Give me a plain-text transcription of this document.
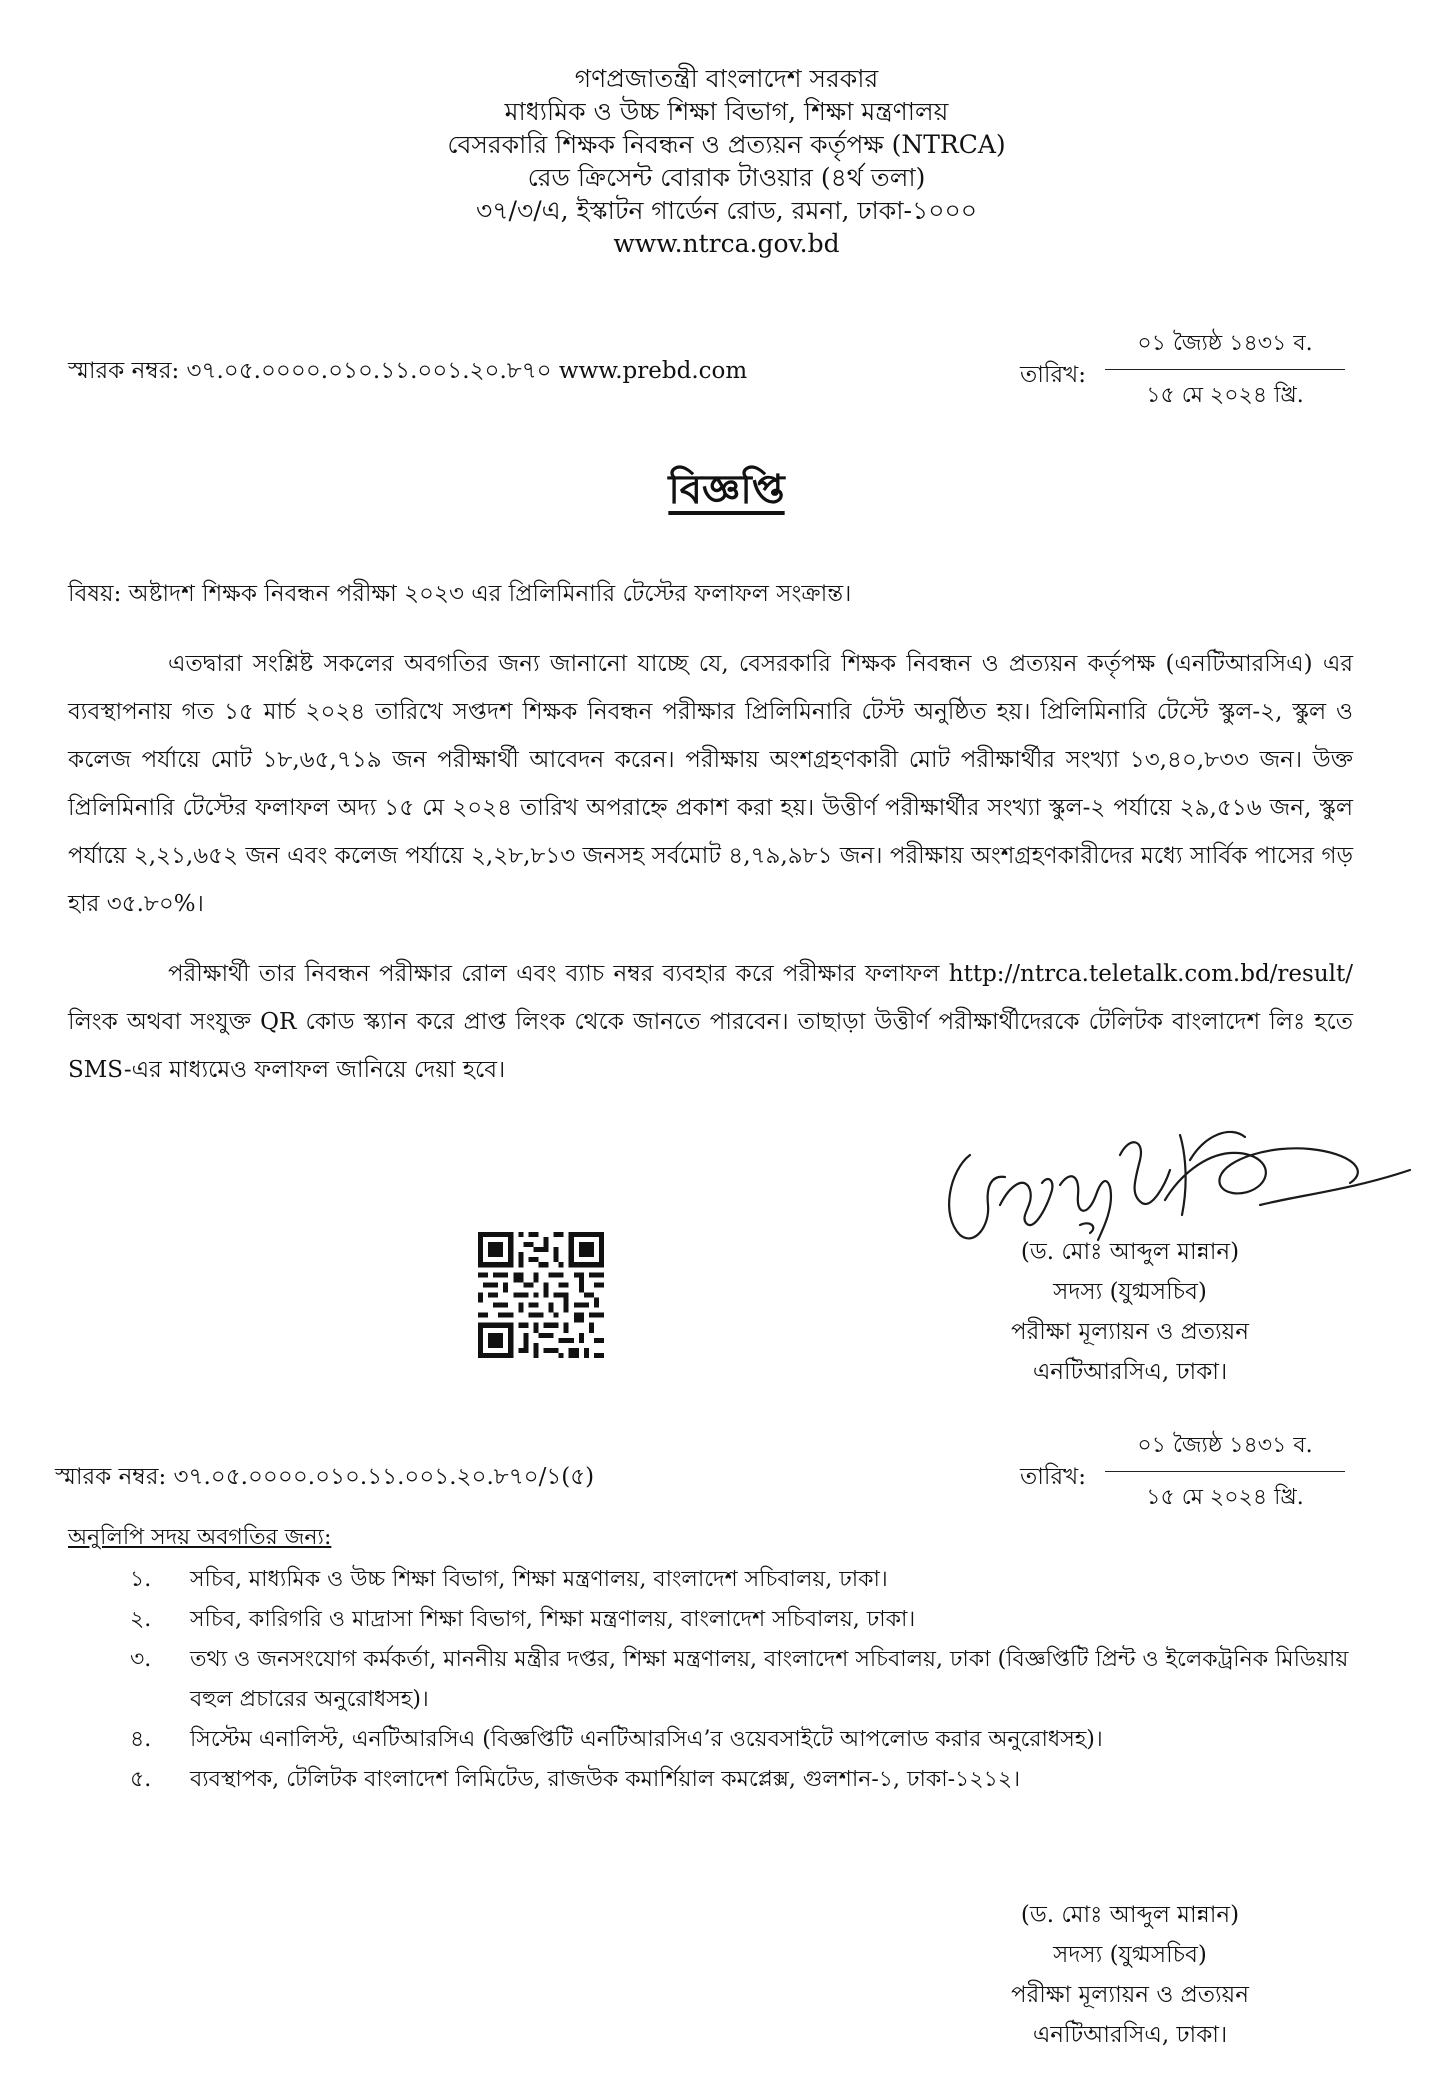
গণপ্রজাতন্ত্রী বাংলাদেশ সরকার
মাধ্যমিক ও উচ্চ শিক্ষা বিভাগ, শিক্ষা মন্ত্রণালয়
বেসরকারি শিক্ষক নিবন্ধন ও প্রত্যয়ন কর্তৃপক্ষ (NTRCA)
রেড ক্রিসেন্ট বোরাক টাওয়ার (৪র্থ তলা)
৩৭/৩/এ, ইস্কাটন গার্ডেন রোড, রমনা, ঢাকা-১০০০
www.ntrca.gov.bd
স্মারক নম্বর: ৩৭.০৫.০০০০.০১০.১১.০০১.২০.৮৭০ www.prebd.com	তারিখ:
০১ জ্যৈষ্ঠ ১৪৩১ ব.
১৫ মে ২০২৪ খ্রি.
বিজ্ঞপ্তি
বিষয়: অষ্টাদশ শিক্ষক নিবন্ধন পরীক্ষা ২০২৩ এর প্রিলিমিনারি টেস্টের ফলাফল সংক্রান্ত।
এতদ্বারা সংশ্লিষ্ট সকলের অবগতির জন্য জানানো যাচ্ছে যে, বেসরকারি শিক্ষক নিবন্ধন ও প্রত্যয়ন কর্তৃপক্ষ (এনটিআরসিএ) এর ব্যবস্থাপনায় গত ১৫ মার্চ ২০২৪ তারিখে সপ্তদশ শিক্ষক নিবন্ধন পরীক্ষার প্রিলিমিনারি টেস্ট অনুষ্ঠিত হয়। প্রিলিমিনারি টেস্টে স্কুল-২, স্কুল ও কলেজ পর্যায়ে মোট ১৮,৬৫,৭১৯ জন পরীক্ষার্থী আবেদন করেন। পরীক্ষায় অংশগ্রহণকারী মোট পরীক্ষার্থীর সংখ্যা ১৩,৪০,৮৩৩ জন। উক্ত প্রিলিমিনারি টেস্টের ফলাফল অদ্য ১৫ মে ২০২৪ তারিখ অপরাহ্নে প্রকাশ করা হয়। উত্তীর্ণ পরীক্ষার্থীর সংখ্যা স্কুল-২ পর্যায়ে ২৯,৫১৬ জন, স্কুল পর্যায়ে ২,২১,৬৫২ জন এবং কলেজ পর্যায়ে ২,২৮,৮১৩ জনসহ সর্বমোট ৪,৭৯,৯৮১ জন। পরীক্ষায় অংশগ্রহণকারীদের মধ্যে সার্বিক পাসের গড় হার ৩৫.৮০%।
পরীক্ষার্থী তার নিবন্ধন পরীক্ষার রোল এবং ব্যাচ নম্বর ব্যবহার করে পরীক্ষার ফলাফল http://ntrca.teletalk.com.bd/result/ লিংক অথবা সংযুক্ত QR কোড স্ক্যান করে প্রাপ্ত লিংক থেকে জানতে পারবেন। তাছাড়া উত্তীর্ণ পরীক্ষার্থীদেরকে টেলিটক বাংলাদেশ লিঃ হতে SMS-এর মাধ্যমেও ফলাফল জানিয়ে দেয়া হবে।
(ড. মোঃ আব্দুল মান্নান)
সদস্য (যুগ্মসচিব)
পরীক্ষা মূল্যায়ন ও প্রত্যয়ন
এনটিআরসিএ, ঢাকা।
স্মারক নম্বর: ৩৭.০৫.০০০০.০১০.১১.০০১.২০.৮৭০/১(৫)	তারিখ:
০১ জ্যৈষ্ঠ ১৪৩১ ব.
১৫ মে ২০২৪ খ্রি.
অনুলিপি সদয় অবগতির জন্য:
১.	সচিব, মাধ্যমিক ও উচ্চ শিক্ষা বিভাগ, শিক্ষা মন্ত্রণালয়, বাংলাদেশ সচিবালয়, ঢাকা।
২.	সচিব, কারিগরি ও মাদ্রাসা শিক্ষা বিভাগ, শিক্ষা মন্ত্রণালয়, বাংলাদেশ সচিবালয়, ঢাকা।
৩.	তথ্য ও জনসংযোগ কর্মকর্তা, মাননীয় মন্ত্রীর দপ্তর, শিক্ষা মন্ত্রণালয়, বাংলাদেশ সচিবালয়, ঢাকা (বিজ্ঞপ্তিটি প্রিন্ট ও ইলেকট্রনিক মিডিয়ায় বহুল প্রচারের অনুরোধসহ)।
৪.	সিস্টেম এনালিস্ট, এনটিআরসিএ (বিজ্ঞপ্তিটি এনটিআরসিএ’র ওয়েবসাইটে আপলোড করার অনুরোধসহ)।
৫.	ব্যবস্থাপক, টেলিটক বাংলাদেশ লিমিটেড, রাজউক কমার্শিয়াল কমপ্লেক্স, গুলশান-১, ঢাকা-১২১২।
(ড. মোঃ আব্দুল মান্নান)
সদস্য (যুগ্মসচিব)
পরীক্ষা মূল্যায়ন ও প্রত্যয়ন
এনটিআরসিএ, ঢাকা।
